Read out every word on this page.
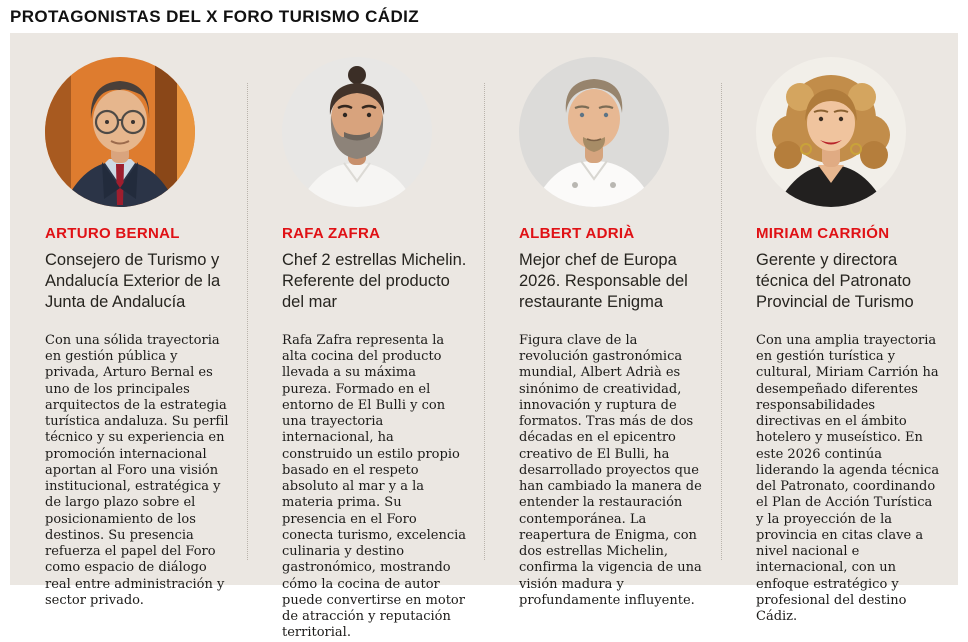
PROTAGONISTAS DEL X FORO TURISMO CÁDIZ
ARTURO BERNAL

Consejero de Turismo y Andalucía Exterior de la Junta de Andalucía

Con una sólida trayectoria en gestión pública y privada, Arturo Bernal es uno de los principales arquitectos de la estrategia turística andaluza. Su perfil técnico y su experiencia en promoción internacional aportan al Foro una visión institucional, estratégica y de largo plazo sobre el posicionamiento de los destinos. Su presencia refuerza el papel del Foro como espacio de diálogo real entre administración y sector privado.

RAFA ZAFRA

Chef 2 estrellas Michelin. Referente del producto del mar

Rafa Zafra representa la alta cocina del producto llevada a su máxima pureza. Formado en el entorno de El Bulli y con una trayectoria internacional, ha construido un estilo propio basado en el respeto absoluto al mar y a la materia prima. Su presencia en el Foro conecta turismo, excelencia culinaria y destino gastronómico, mostrando cómo la cocina de autor puede convertirse en motor de atracción y reputación territorial.

ALBERT ADRIÀ

Mejor chef de Europa 2026. Responsable del restaurante Enigma

Figura clave de la revolución gastronómica mundial, Albert Adrià es sinónimo de creatividad, innovación y ruptura de formatos. Tras más de dos décadas en el epicentro creativo de El Bulli, ha desarrollado proyectos que han cambiado la manera de entender la restauración contemporánea. La reapertura de Enigma, con dos estrellas Michelin, confirma la vigencia de una visión madura y profundamente influyente.

MIRIAM CARRIÓN

Gerente y directora técnica del Patronato Provincial de Turismo

Con una amplia trayectoria en gestión turística y cultural, Miriam Carrión ha desempeñado diferentes responsabilidades directivas en el ámbito hotelero y museístico. En este 2026 continúa liderando la agenda técnica del Patronato, coordinando el Plan de Acción Turística y la proyección de la provincia en citas clave a nivel nacional e internacional, con un enfoque estratégico y profesional del destino Cádiz.
